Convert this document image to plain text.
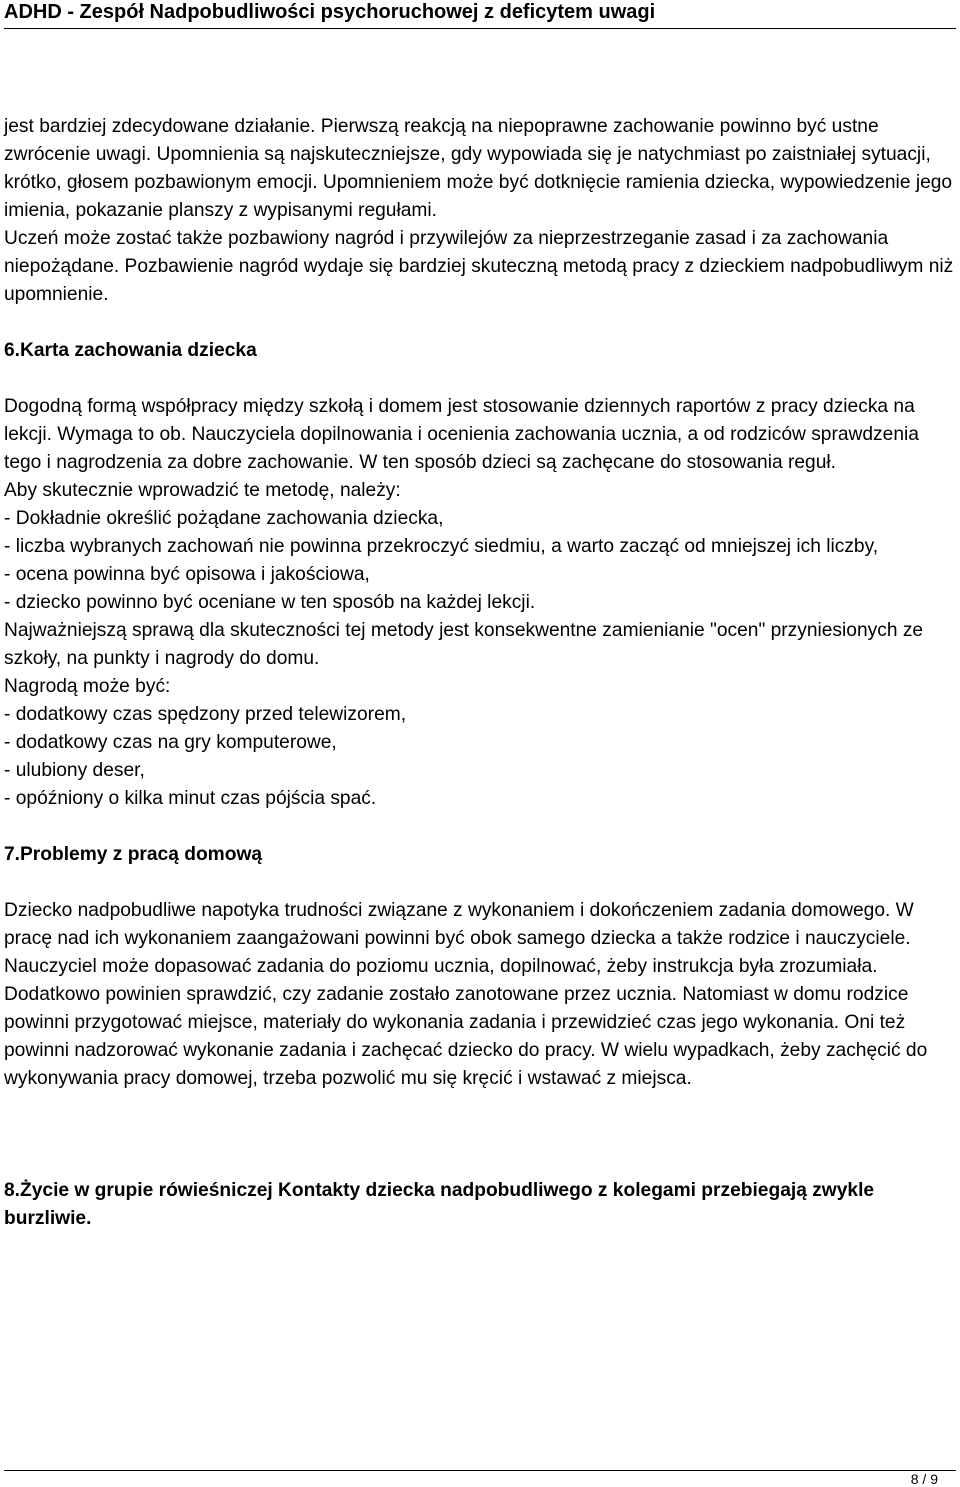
ADHD - Zespół Nadpobudliwości psychoruchowej z deficytem uwagi

jest bardziej zdecydowane działanie. Pierwszą reakcją na niepoprawne zachowanie powinno być ustne zwrócenie uwagi. Upomnienia są najskuteczniejsze, gdy wypowiada się je natychmiast po zaistniałej sytuacji, krótko, głosem pozbawionym emocji. Upomnieniem może być dotknięcie ramienia dziecka, wypowiedzenie jego imienia, pokazanie planszy z wypisanymi regułami.

Uczeń może zostać także pozbawiony nagród i przywilejów za nieprzestrzeganie zasad i za zachowania niepożądane. Pozbawienie nagród wydaje się bardziej skuteczną metodą pracy z dzieckiem nadpobudliwym niż upomnienie.

6.Karta zachowania dziecka

Dogodną formą współpracy między szkołą i domem jest stosowanie dziennych raportów z pracy dziecka na lekcji. Wymaga to ob. Nauczyciela dopilnowania i ocenienia zachowania ucznia, a od rodziców sprawdzenia tego i nagrodzenia za dobre zachowanie. W ten sposób dzieci są zachęcane do stosowania reguł.

Aby skutecznie wprowadzić te metodę, należy:

- Dokładnie określić pożądane zachowania dziecka,

- liczba wybranych zachowań nie powinna przekroczyć siedmiu, a warto zacząć od mniejszej ich liczby,

- ocena powinna być opisowa i jakościowa,

- dziecko powinno być oceniane w ten sposób na każdej lekcji.

Najważniejszą sprawą dla skuteczności tej metody jest konsekwentne zamienianie "ocen" przyniesionych ze szkoły, na punkty i nagrody do domu.

Nagrodą może być:

- dodatkowy czas spędzony przed telewizorem,

- dodatkowy czas na gry komputerowe,

- ulubiony deser,

- opóźniony o kilka minut czas pójścia spać.

7.Problemy z pracą domową

Dziecko nadpobudliwe napotyka trudności związane z wykonaniem i dokończeniem zadania domowego. W pracę nad ich wykonaniem zaangażowani powinni być obok samego dziecka a także rodzice i nauczyciele. Nauczyciel może dopasować zadania do poziomu ucznia, dopilnować, żeby instrukcja była zrozumiała. Dodatkowo powinien sprawdzić, czy zadanie zostało zanotowane przez ucznia. Natomiast w domu rodzice powinni przygotować miejsce, materiały do wykonania zadania i przewidzieć czas jego wykonania. Oni też powinni nadzorować wykonanie zadania i zachęcać dziecko do pracy. W wielu wypadkach, żeby zachęcić do wykonywania pracy domowej, trzeba pozwolić mu się kręcić i wstawać z miejsca.

8.Życie w grupie rówieśniczej Kontakty dziecka nadpobudliwego z kolegami przebiegają zwykle burzliwie.
8 / 9
